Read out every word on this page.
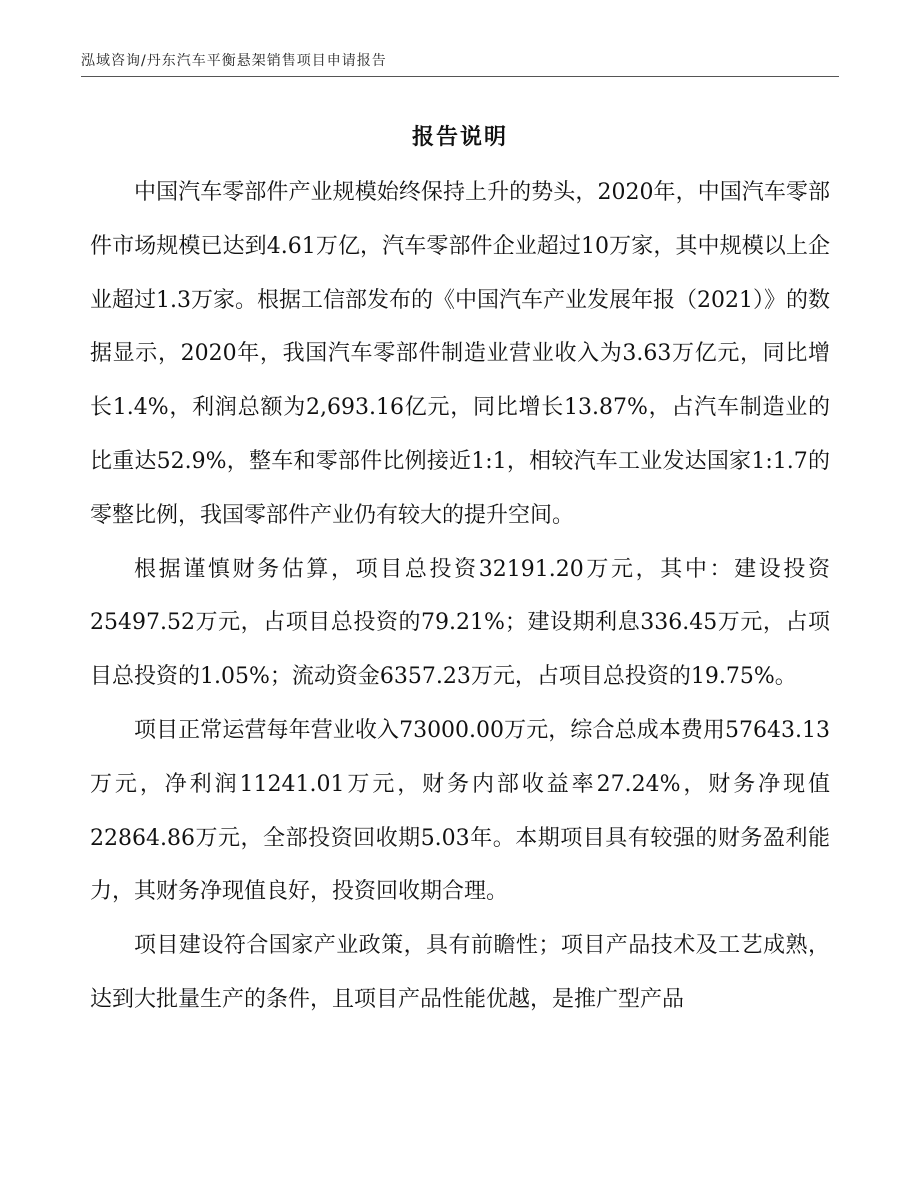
泓域咨询/丹东汽车平衡悬架销售项目申请报告
报告说明

中国汽车零部件产业规模始终保持上升的势头，2020年，中国汽车零部件市场规模已达到4.61万亿，汽车零部件企业超过10万家，其中规模以上企业超过1.3万家。根据工信部发布的《中国汽车产业发展年报（2021）》的数据显示，2020年，我国汽车零部件制造业营业收入为3.63万亿元，同比增长1.4%，利润总额为2,693.16亿元，同比增长13.87%，占汽车制造业的比重达52.9%，整车和零部件比例接近1:1，相较汽车工业发达国家1:1.7的零整比例，我国零部件产业仍有较大的提升空间。

根据谨慎财务估算，项目总投资32191.20万元，其中：建设投资25497.52万元，占项目总投资的79.21%；建设期利息336.45万元，占项目总投资的1.05%；流动资金6357.23万元，占项目总投资的19.75%。

项目正常运营每年营业收入73000.00万元，综合总成本费用57643.13万元，净利润11241.01万元，财务内部收益率27.24%，财务净现值22864.86万元，全部投资回收期5.03年。本期项目具有较强的财务盈利能力，其财务净现值良好，投资回收期合理。

项目建设符合国家产业政策，具有前瞻性；项目产品技术及工艺成熟，达到大批量生产的条件，且项目产品性能优越，是推广型产品
